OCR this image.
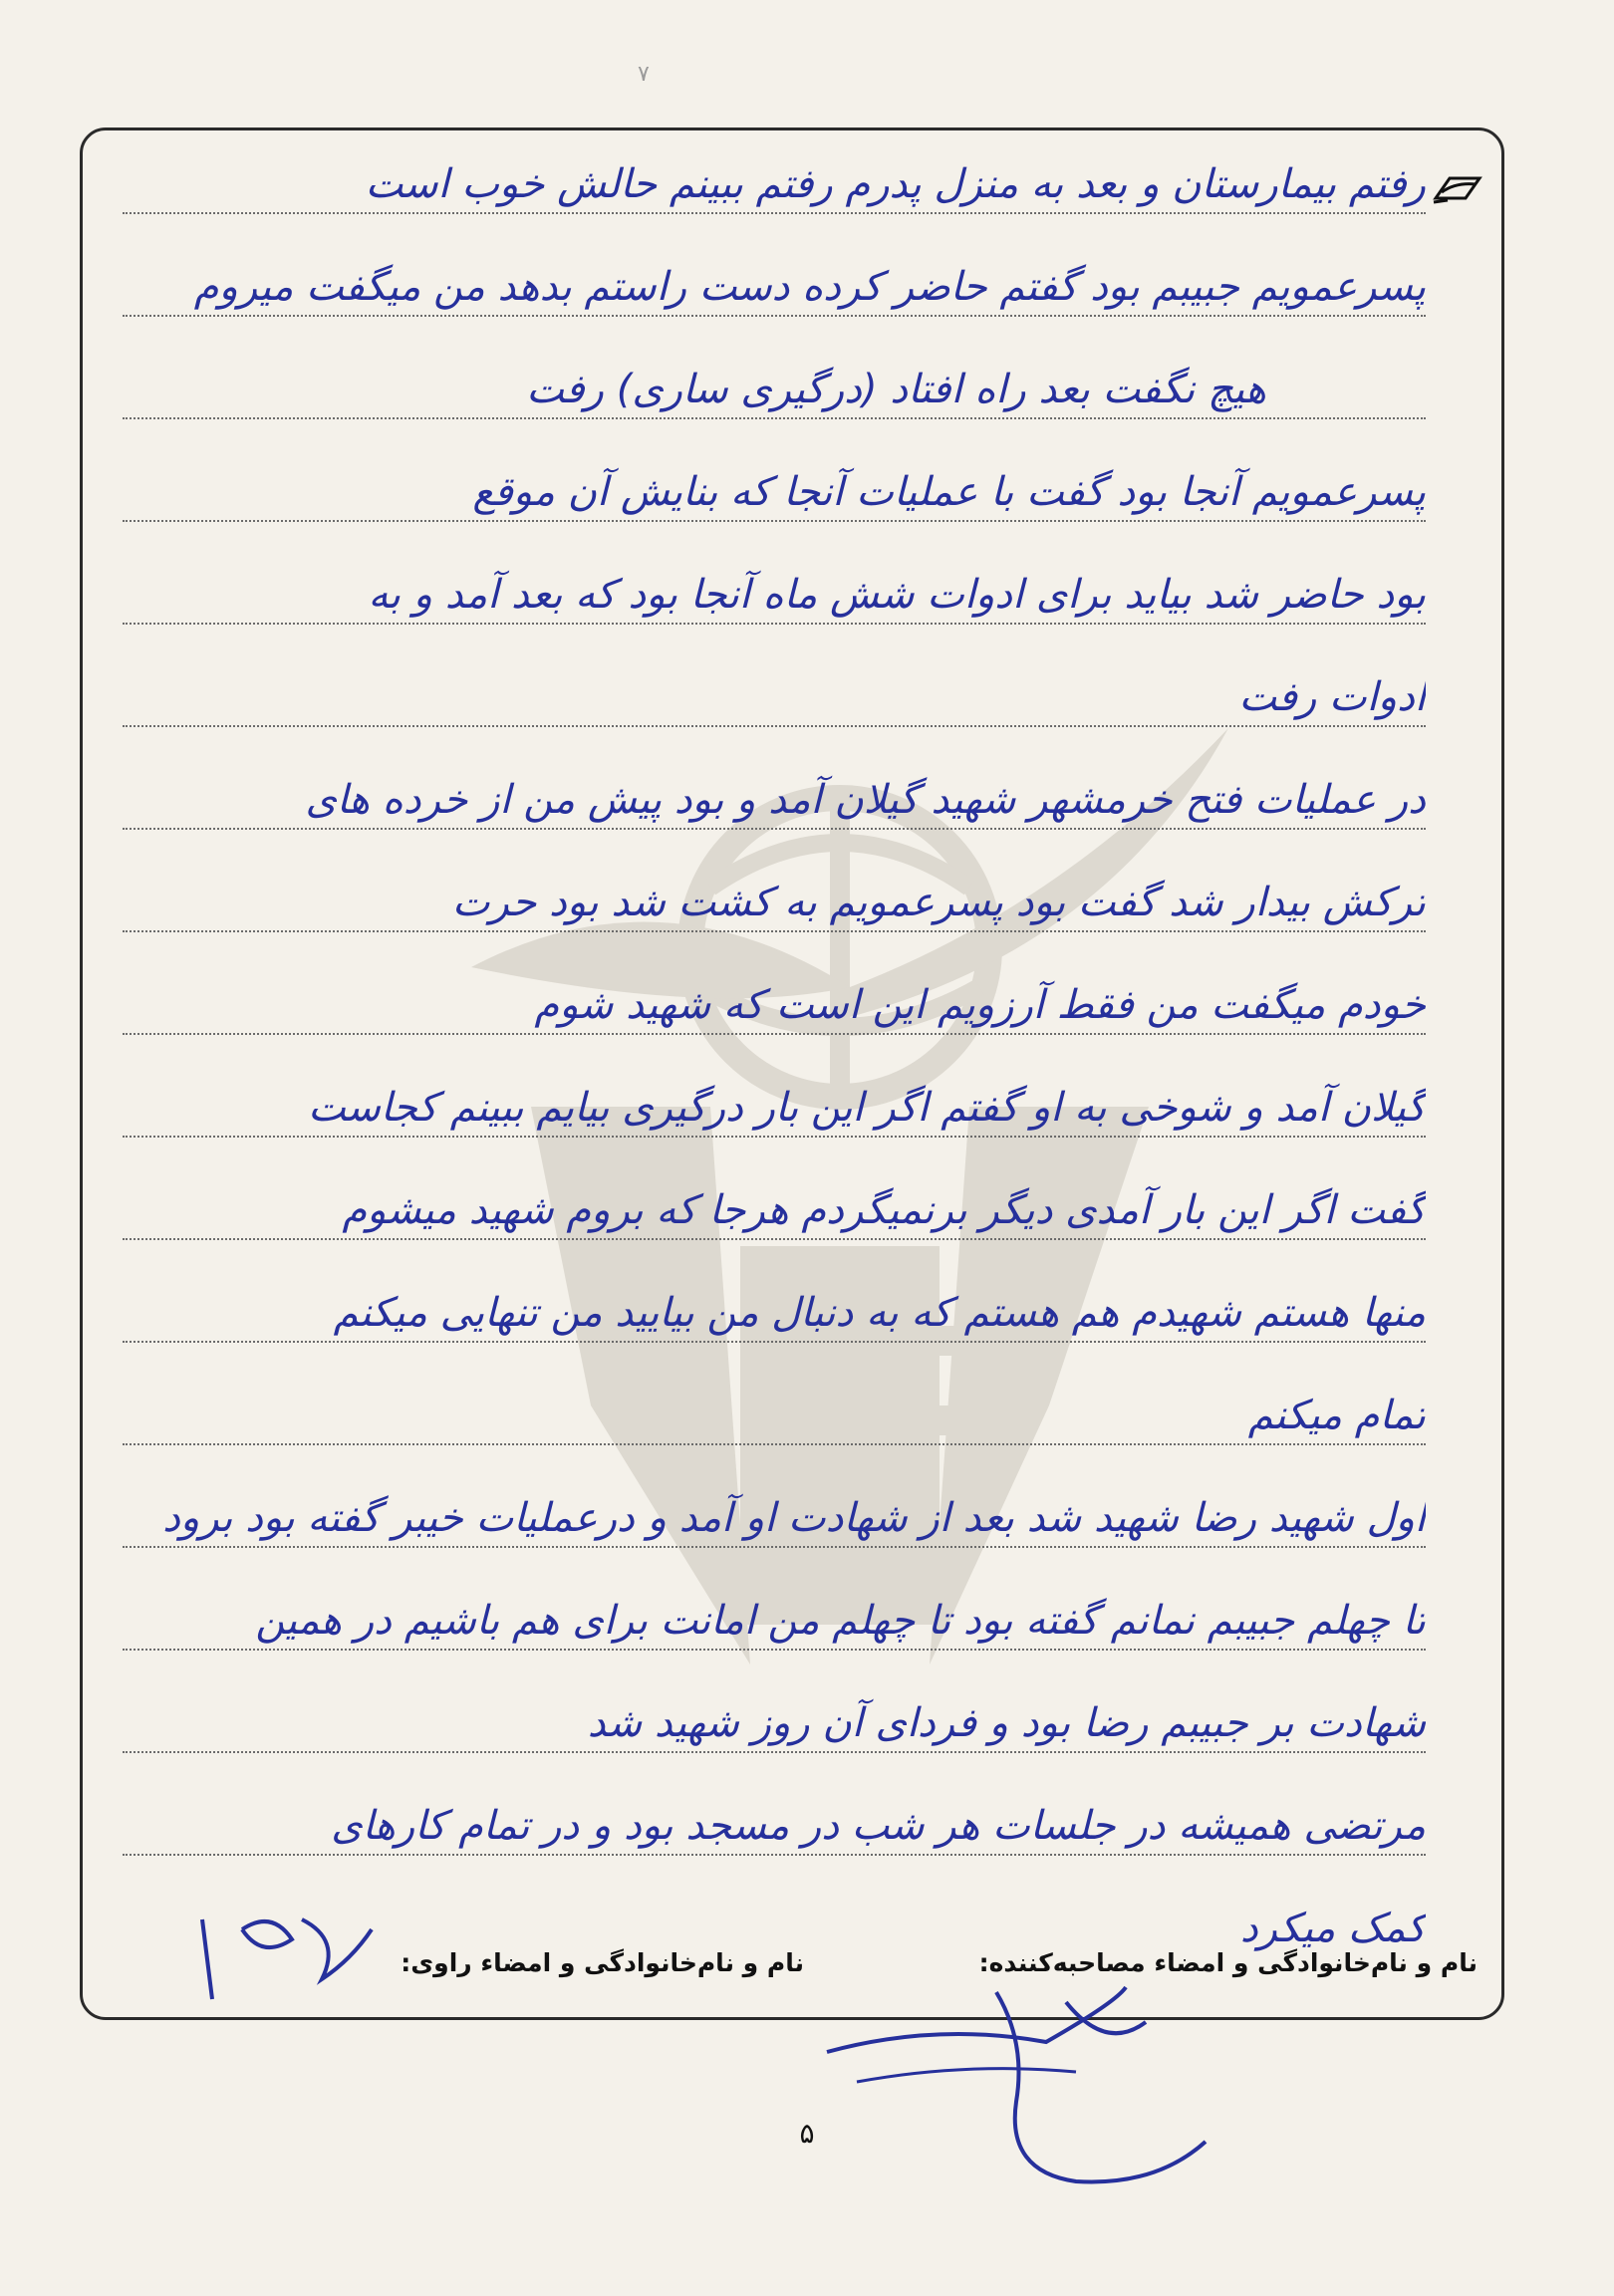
۷
رفتم بیمارستان و بعد به منزل پدرم رفتم ببینم حالش خوب است
پسرعمویم جبیبم بود گفتم حاضر کرده دست راستم بدهد من میگفت میروم
هیچ نگفت بعد راه افتاد (درگیری ساری) رفت
پسرعمویم آنجا بود گفت با عملیات آنجا که بنایش آن موقع
بود حاضر شد بیاید برای ادوات شش ماه آنجا بود که بعد آمد و به
ادوات رفت
در عملیات فتح خرمشهر شهید گیلان آمد و بود پیش من از خرده های
ترکش بیدار شد گفت بود پسرعمویم به کشت شد بود حرت
خودم میگفت من فقط آرزویم این است که شهید شوم
گیلان آمد و شوخی به او گفتم اگر این بار درگیری بیایم ببینم کجاست
گفت اگر این بار آمدی دیگر برنمیگردم هرجا که بروم شهید میشوم
منها هستم شهیدم هم هستم که به دنبال من بیایید من تنهایی میکنم
تمام میکنم
اول شهید رضا شهید شد بعد از شهادت او آمد و درعملیات خیبر گفته بود برود
تا چهلم جبیبم نمانم گفته بود تا چهلم من امانت برای هم باشیم در همین
شهادت بر جبیبم رضا بود و فردای آن روز شهید شد
مرتضی همیشه در جلسات هر شب در مسجد بود و در تمام کارهای
کمک میکرد
نام و نام‌خانوادگی و امضاء مصاحبه‌کننده:
نام و نام‌خانوادگی و امضاء راوی:
۵
